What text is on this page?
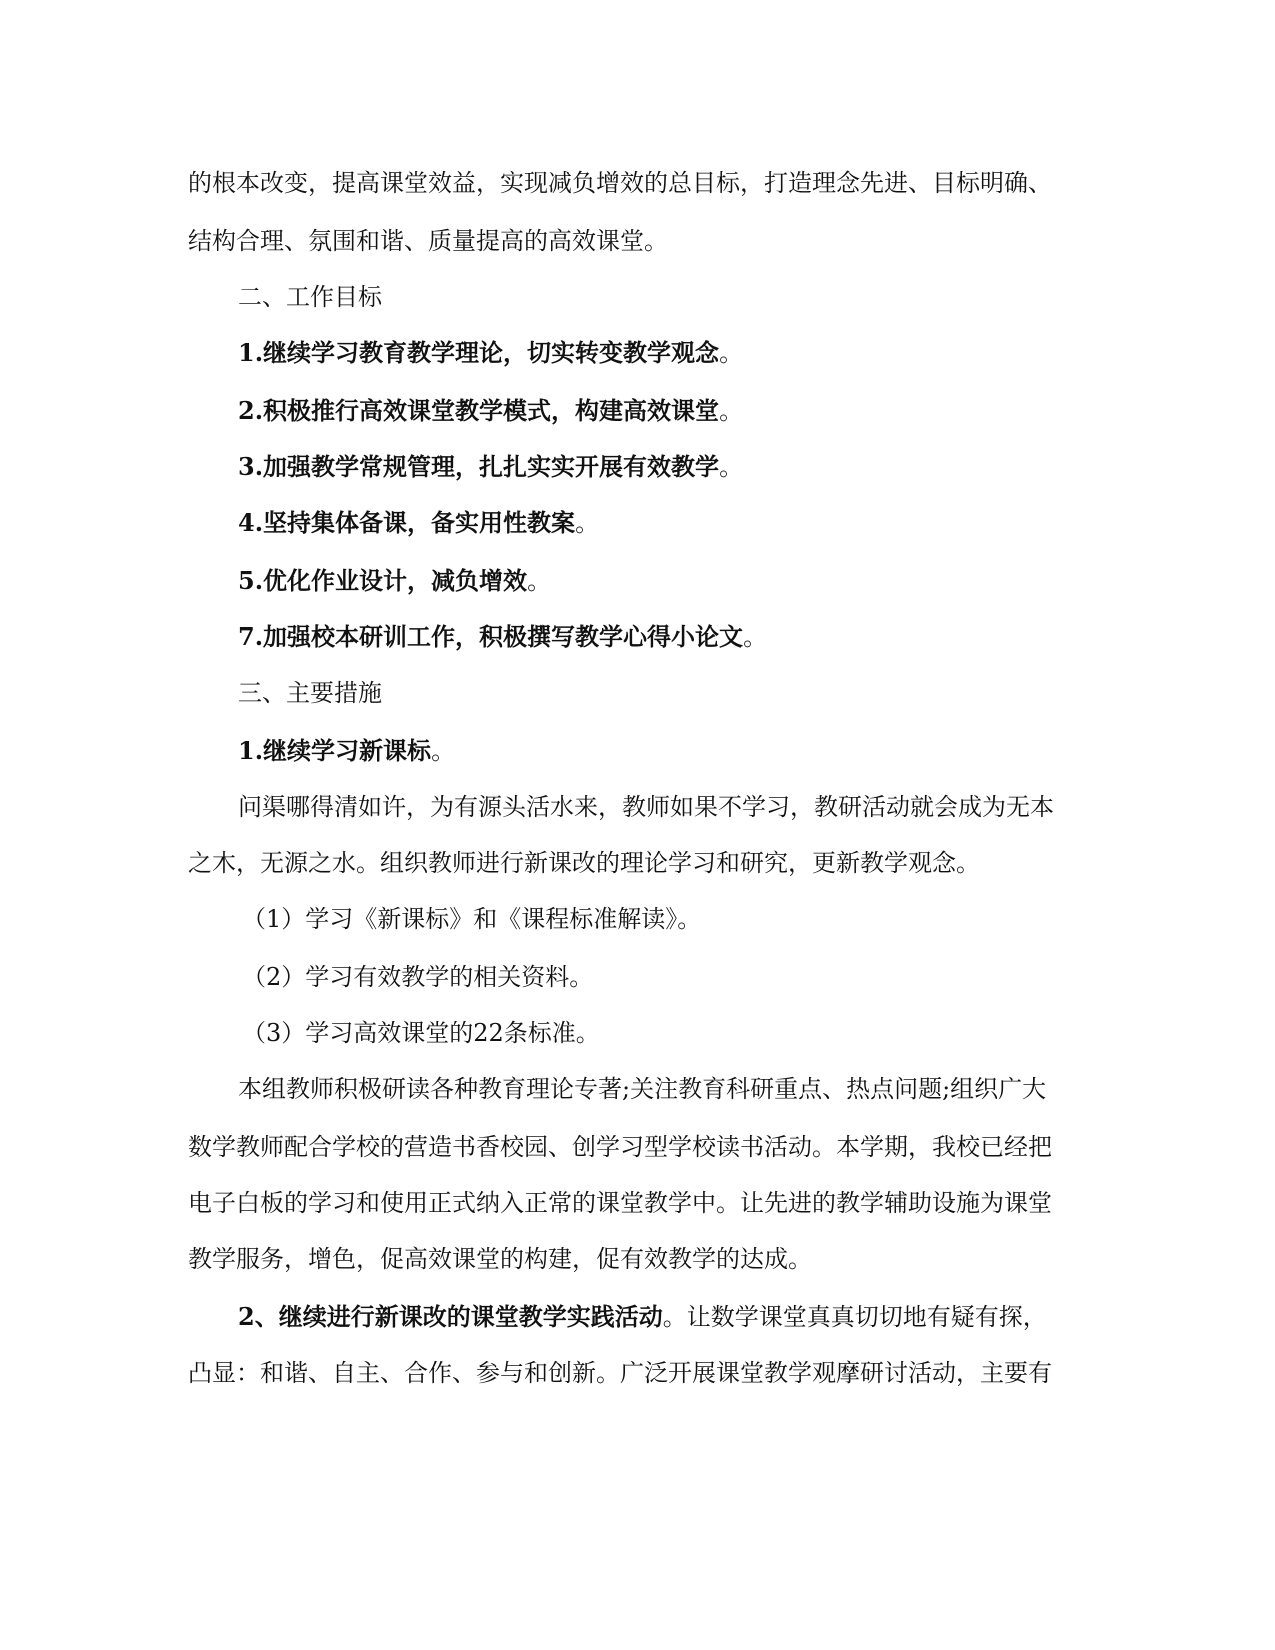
的根本改变，提高课堂效益，实现减负增效的总目标，打造理念先进、目标明确、

结构合理、氛围和谐、质量提高的高效课堂。

二、工作目标

1.继续学习教育教学理论，切实转变教学观念。

2.积极推行高效课堂教学模式，构建高效课堂。

3.加强教学常规管理，扎扎实实开展有效教学。

4.坚持集体备课，备实用性教案。

5.优化作业设计，减负增效。

7.加强校本研训工作，积极撰写教学心得小论文。

三、主要措施

1.继续学习新课标。

问渠哪得清如许，为有源头活水来，教师如果不学习，教研活动就会成为无本

之木，无源之水。组织教师进行新课改的理论学习和研究，更新教学观念。

（1）学习《新课标》和《课程标准解读》。

（2）学习有效教学的相关资料。

（3）学习高效课堂的22条标准。

本组教师积极研读各种教育理论专著;关注教育科研重点、热点问题;组织广大

数学教师配合学校的营造书香校园、创学习型学校读书活动。本学期，我校已经把

电子白板的学习和使用正式纳入正常的课堂教学中。让先进的教学辅助设施为课堂

教学服务，增色，促高效课堂的构建，促有效教学的达成。

2、继续进行新课改的课堂教学实践活动。让数学课堂真真切切地有疑有探，

凸显：和谐、自主、合作、参与和创新。广泛开展课堂教学观摩研讨活动，主要有
